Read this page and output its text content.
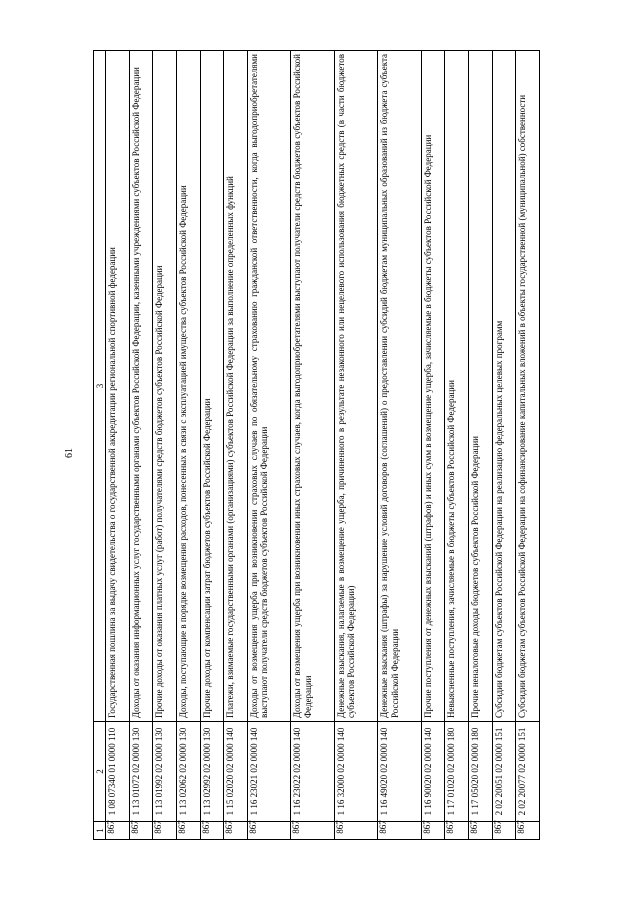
61
1	2	3

867	1 08 07340 01 0000 110	Государственная пошлина за выдачу свидетельства о государственной аккредитации региональной спортивной федерации

867	1 13 01072 02 0000 130	Доходы от оказания информационных услуг государственными органами субъектов Российской Федерации, казенными учреждениями субъектов Российской Федерации

867	1 13 01992 02 0000 130	Прочие доходы от оказания платных услуг (работ) получателями средств бюджетов субъектов Российской Федерации

867	1 13 02062 02 0000 130	Доходы, поступающие в порядке возмещения расходов, понесенных в связи с эксплуатацией имущества субъектов Российской Федерации

867	1 13 02992 02 0000 130	Прочие доходы от компенсации затрат бюджетов субъектов Российской Федерации

867	1 15 02020 02 0000 140	Платежи, взимаемые государственными органами (организациями) субъектов Российской Федерации за выполнение определенных функций

867	1 16 23021 02 0000 140	Доходы от возмещения ущерба при возникновении страховых случаев по обязательному страхованию гражданской ответственности, когда выгодоприобретателями выступают получатели средств бюджетов субъектов Российской Федерации

867	1 16 23022 02 0000 140	Доходы от возмещения ущерба при возникновении иных страховых случаев, когда выгодоприобретателями выступают получатели средств бюджетов субъектов Российской Федерации

867	1 16 32000 02 0000 140	Денежные взыскания, налагаемые в возмещение ущерба, причиненного в результате незаконного или нецелевого использования бюджетных средств (в части бюджетов субъектов Российской Федерации)

867	1 16 49020 02 0000 140	Денежные взыскания (штрафы) за нарушение условий договоров (соглашений) о предоставлении субсидий бюджетам муниципальных образований из бюджета субъекта Российской Федерации

867	1 16 90020 02 0000 140	Прочие поступления от денежных взысканий (штрафов) и иных сумм в возмещение ущерба, зачисляемые в бюджеты субъектов Российской Федерации

867	1 17 01020 02 0000 180	Невыясненные поступления, зачисляемые в бюджеты субъектов Российской Федерации

867	1 17 05020 02 0000 180	Прочие неналоговые доходы бюджетов субъектов Российской Федерации

867	2 02 20051 02 0000 151	Субсидии бюджетам субъектов Российской Федерации на реализацию федеральных целевых программ

867	2 02 20077 02 0000 151	Субсидии бюджетам субъектов Российской Федерации на софинансирование капитальных вложений в объекты государственной (муниципальной) собственности
